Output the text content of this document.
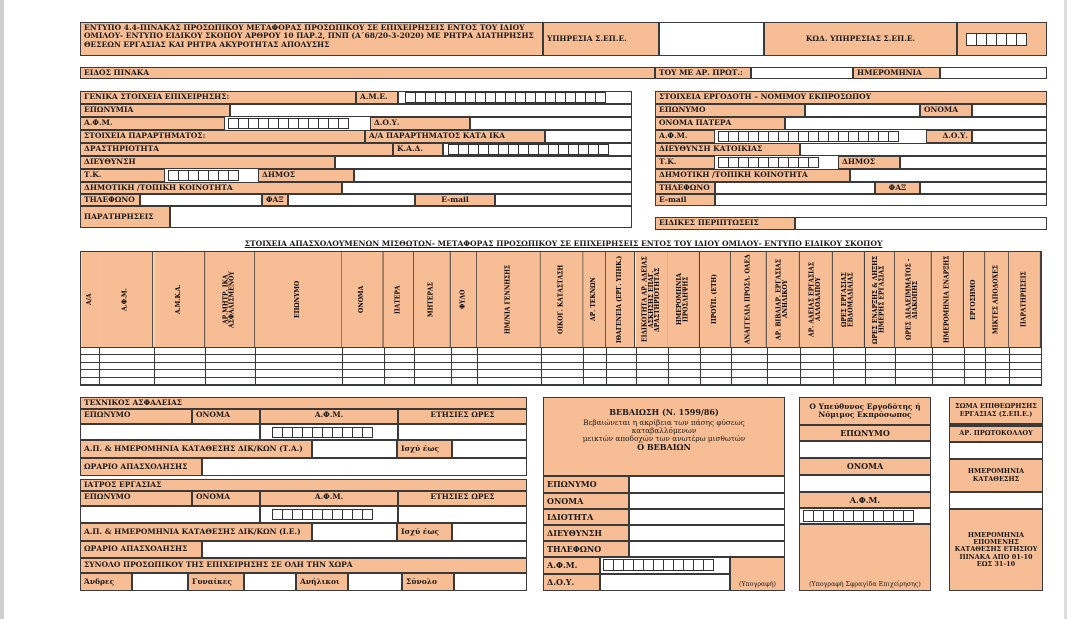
ΕΝΤΥΠΟ 4.4-ΠΙΝΑΚΑΣ ΠΡΟΣΩΠΙΚΟΥ ΜΕΤΑΦΟΡΑΣ ΠΡΟΣΩΠΙΚΟΥ ΣΕ ΕΠΙΧΕΙΡΗΣΕΙΣ ΕΝΤΟΣ ΤΟΥ ΙΔΙΟΥ ΟΜΙΛΟΥ- ΕΝΤΥΠΟ ΕΙΔΙΚΟΥ ΣΚΟΠΟΥ ΑΡΘΡΟΥ 10 ΠΑΡ.2, ΠΝΠ (Α΄68/20-3-2020) ΜΕ ΡΗΤΡΑ ΔΙΑΤΗΡΗΣΗΣ ΘΕΣΕΩΝ ΕΡΓΑΣΙΑΣ ΚΑΙ ΡΗΤΡΑ ΑΚΥΡΟΤΗΤΑΣ ΑΠΟΛΥΣΗΣ
ΥΠΗΡΕΣΙΑ Σ.ΕΠ.Ε.	ΚΩΔ. ΥΠΗΡΕΣΙΑΣ Σ.ΕΠ.Ε.
ΕΙΔΟΣ ΠΙΝΑΚΑ	ΤΟΥ ΜΕ ΑΡ. ΠΡΩΤ.:	ΗΜΕΡΟΜΗΝΙΑ
ΓΕΝΙΚΑ ΣΤΟΙΧΕΙΑ ΕΠΙΧΕΙΡΗΣΗΣ:	Α.Μ.Ε.
ΕΠΩΝΥΜΙΑ
Α.Φ.Μ.	Δ.Ο.Υ.
ΣΤΟΙΧΕΙΑ ΠΑΡΑΡΤΗΜΑΤΟΣ:	Α/Α ΠΑΡΑΡΤΗΜΑΤΟΣ ΚΑΤΑ ΙΚΑ
ΔΡΑΣΤΗΡΙΟΤΗΤΑ	Κ.Α.Δ.
ΔΙΕΥΘΥΝΣΗ
Τ.Κ.	ΔΗΜΟΣ
ΔΗΜΟΤΙΚΗ /ΤΟΠΙΚΗ ΚΟΙΝΟΤΗΤΑ
ΤΗΛΕΦΩΝΟ	ΦΑΞ	E-mail
ΠΑΡΑΤΗΡΗΣΕΙΣ
ΣΤΟΙΧΕΙΑ ΕΡΓΟΔΟΤΗ – ΝΟΜΙΜΟΥ ΕΚΠΡΟΣΩΠΟΥ
ΕΠΩΝΥΜΟ	ΟΝΟΜΑ
ΟΝΟΜΑ ΠΑΤΕΡΑ
Α.Φ.Μ.	Δ.Ο.Υ.
ΔΙΕΥΘΥΝΣΗ ΚΑΤΟΙΚΙΑΣ
Τ.Κ.	ΔΗΜΟΣ
ΔΗΜΟΤΙΚΗ /ΤΟΠΙΚΗ ΚΟΙΝΟΤΗΤΑ
ΤΗΛΕΦΩΝΟ	ΦΑΞ
E-mail
ΕΙΔΙΚΕΣ ΠΕΡΙΠΤΩΣΕΙΣ
ΣΤΟΙΧΕΙΑ ΑΠΑΣΧΟΛΟΥΜΕΝΩΝ ΜΙΣΘΩΤΩΝ- ΜΕΤΑΦΟΡΑΣ ΠΡΟΣΩΠΙΚΟΥ ΣΕ ΕΠΙΧΕΙΡΗΣΕΙΣ ΕΝΤΟΣ ΤΟΥ ΙΔΙΟΥ ΟΜΙΛΟΥ- ΕΝΤΥΠΟ ΕΙΔΙΚΟΥ ΣΚΟΠΟΥ
Α/Α	Α.Φ.Μ.	Α.Μ.Κ.Α.	ΑΡ.ΜΗΤΡ. ΙΚΑ ΑΣΦΑΛΙΣΜΕΝΟΥ	ΕΠΩΝΥΜΟ	ΟΝΟΜΑ	ΠΑΤΕΡΑ	ΜΗΤΕΡΑΣ	ΦΥΛΟ	ΗΜ/ΝΙΑ ΓΕΝΝΗΣΗΣ	ΟΙΚΟΓ. ΚΑΤΑΣΤΑΣΗ	ΑΡ. ΤΕΚΝΩΝ	ΙΘΑΓΕΝΕΙΑ (ΕΡΓ. ΥΠΗΚ.)	ΕΙΔΙΚΟΤΗΤΑ ΑΡ. ΑΔΕΙΑΣ ΑΣΚΗΣΗΣ ΕΠΑΓ. ΔΡΑΣΤΗΡΙΟΤΗΤΑΣ	ΗΜΕΡΟΜΗΝΙΑ ΠΡΟΣΛΗΨΗΣ	ΠΡΟΫΠ. (ΕΤΗ)	ΑΝΑΓΓΕΛΙΑ ΠΡΟΣΛ. ΟΑΕΔ	ΑΡ. ΒΙΒΛΙΑΡ. ΕΡΓΑΣΙΑΣ ΑΝΗΛΙΚΟΥ	ΑΡ. ΑΔΕΙΑΣ ΕΡΓΑΣΙΑΣ ΑΛΛΟΔΑΠΟΥ	ΩΡΕΣ ΕΡΓΑΣΙΑΣ ΕΒΔΟΜΑΔΙΑΙΑΣ	ΩΡΕΣ ΕΝΑΡΞΗΣ & ΛΗΞΗΣ ΗΜΕΡΗΣ ΕΡΓΑΣΙΑΣ	ΩΡΕΣ ΔΙΑΛΕΙΜΜΑΤΟΣ - ΔΙΑΚΟΠΗΣ	ΗΜΕΡΟΜΗΝΙΑ ΕΝΑΡΞΗΣ	ΕΡΓΟΣΗΜΟ	ΜΙΚΤΕΣ ΑΠΟΔΟΧΕΣ	ΠΑΡΑΤΗΡΗΣΕΙΣ
ΤΕΧΝΙΚΟΣ ΑΣΦΑΛΕΙΑΣ
ΕΠΩΝΥΜΟ	ΟΝΟΜΑ	Α.Φ.Μ.	ΕΤΗΣΙΕΣ ΩΡΕΣ
Α.Π. & ΗΜΕΡΟΜΗΝΙΑ ΚΑΤΑΘΕΣΗΣ ΔΙΚ/ΚΩΝ (Τ.Α.)	Ισχύ έως
ΩΡΑΡΙΟ ΑΠΑΣΧΟΛΗΣΗΣ
ΙΑΤΡΟΣ ΕΡΓΑΣΙΑΣ
ΕΠΩΝΥΜΟ	ΟΝΟΜΑ	Α.Φ.Μ.	ΕΤΗΣΙΕΣ ΩΡΕΣ
Α.Π. & ΗΜΕΡΟΜΗΝΙΑ ΚΑΤΑΘΕΣΗΣ ΔΙΚ/ΚΩΝ (Ι.Ε.)	Ισχύ έως
ΩΡΑΡΙΟ ΑΠΑΣΧΟΛΗΣΗΣ
ΣΥΝΟΛΟ ΠΡΟΣΩΠΙΚΟΥ ΤΗΣ ΕΠΙΧΕΙΡΗΣΗΣ ΣΕ ΟΛΗ ΤΗΝ ΧΩΡΑ
Άνδρες	Γυναίκες	Ανήλικοι	Σύνολο
ΒΕΒΑΙΩΣΗ (Ν. 1599/86)
Βεβαιώνεται η ακρίβεια των πάσης φύσεως
καταβαλλόμενων
μεικτών αποδοχών των ανωτέρω μισθωτών
Ο ΒΕΒΑΙΩΝ
ΕΠΩΝΥΜΟ
ΟΝΟΜΑ
ΙΔΙΟΤΗΤΑ
ΔΙΕΥΘΥΝΣΗ
ΤΗΛΕΦΩΝΟ
Α.Φ.Μ.
Δ.Ο.Υ.	(Υπογραφή)
Ο Υπεύθυνος Εργοδότης ή Νόμιμος Εκπρόσωπος
ΕΠΩΝΥΜΟ
ΟΝΟΜΑ
Α.Φ.Μ.
(Υπογραφή Σφραγίδα Επιχείρησης)
ΣΩΜΑ ΕΠΙΘΕΩΡΗΣΗΣ ΕΡΓΑΣΙΑΣ (Σ.ΕΠ.Ε.)
ΑΡ. ΠΡΩΤΟΚΟΛΛΟΥ
ΗΜΕΡΟΜΗΝΙΑ ΚΑΤΑΘΕΣΗΣ
ΗΜΕΡΟΜΗΝΙΑ ΕΠΟΜΕΝΗΣ ΚΑΤΑΘΕΣΗΣ ΕΤΗΣΙΟΥ ΠΙΝΑΚΑ ΑΠΟ 01-10 ΕΩΣ 31-10
